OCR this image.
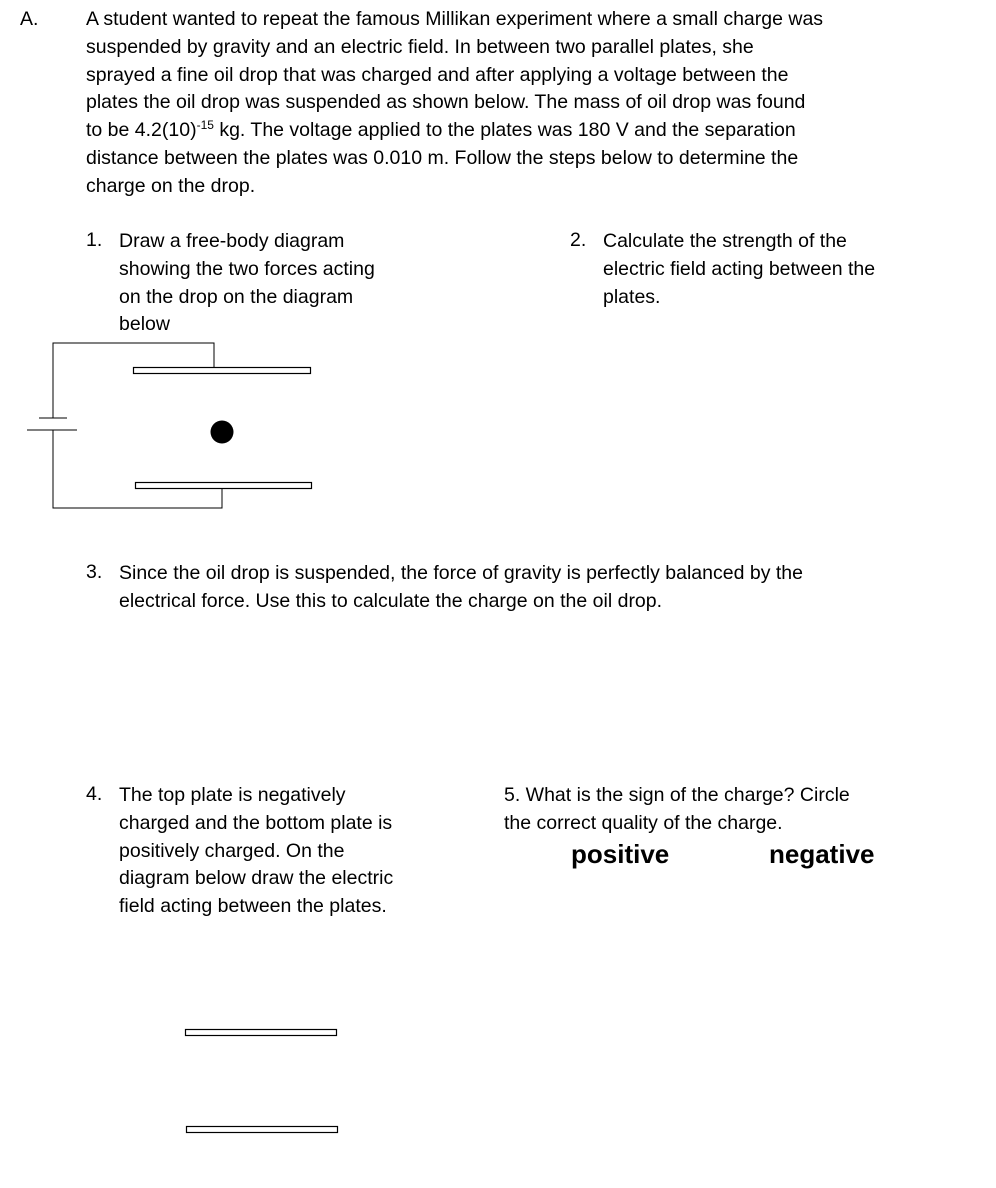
A. A student wanted to repeat the famous Millikan experiment where a small charge was
suspended by gravity and an electric field. In between two parallel plates, she
sprayed a fine oil drop that was charged and after applying a voltage between the
plates the oil drop was suspended as shown below. The mass of oil drop was found
to be $4.2(10)^{-15}$ kg. The voltage applied to the plates was 180 V and the separation
distance between the plates was 0.010 m. Follow the steps below to determine the
charge on the drop.
1. Draw a free-body diagram
showing the two forces acting
on the drop on the diagram
below
2. Calculate the strength of the
electric field acting between the
plates.
3. Since the oil drop is suspended, the force of gravity is perfectly balanced by the
electrical force. Use this to calculate the charge on the oil drop.
4. The top plate is negatively
charged and the bottom plate is
positively charged. On the
diagram below draw the electric
field acting between the plates.
5. What is the sign of the charge? Circle
the correct quality of the charge.
positive	negative
